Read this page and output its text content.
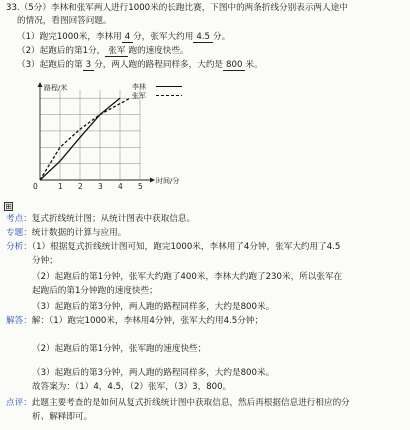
33.（5分）李林和张军两人进行1000米的长跑比赛，下图中的两条折线分别表示两人途中
的情况，看图回答问题。
（1）跑完1000米，李林用 4 分，张军大约用 4.5 分。
（2）起跑后的第1分， 张军 跑的速度快些。
（3）起跑后的第 3 分，两人跑的路程同样多，大约是 800 米。
路程/米
时间/分
0	1 2 3 4 5
李林
张军
⊞
考点：复式折线统计图；从统计图表中获取信息。
专题：统计数据的计算与应用。
分析：（1）根据复式折线统计图可知，跑完1000米，李林用了4分钟，张军大约用了4.5
分钟；
（2）起跑后的第1分钟，张军大约跑了400米，李林大约跑了230米，所以张军在
起跑后的第1分钟跑的速度快些；
（3）起跑后的第3分钟，两人跑的路程同样多，大约是800米。
解答：解：（1）跑完1000米，李林用4分钟，张军大约用4.5分钟；
（2）起跑后的第1分钟，张军跑的速度快些；
（3）起跑后的第3分钟，两人跑的路程同样多，大约是800米。
故答案为：（1）4，4.5，（2）张军，（3）3，800。
点评：此题主要考查的是如何从复式折线统计图中获取信息，然后再根据信息进行相应的分
析、解释即可。
